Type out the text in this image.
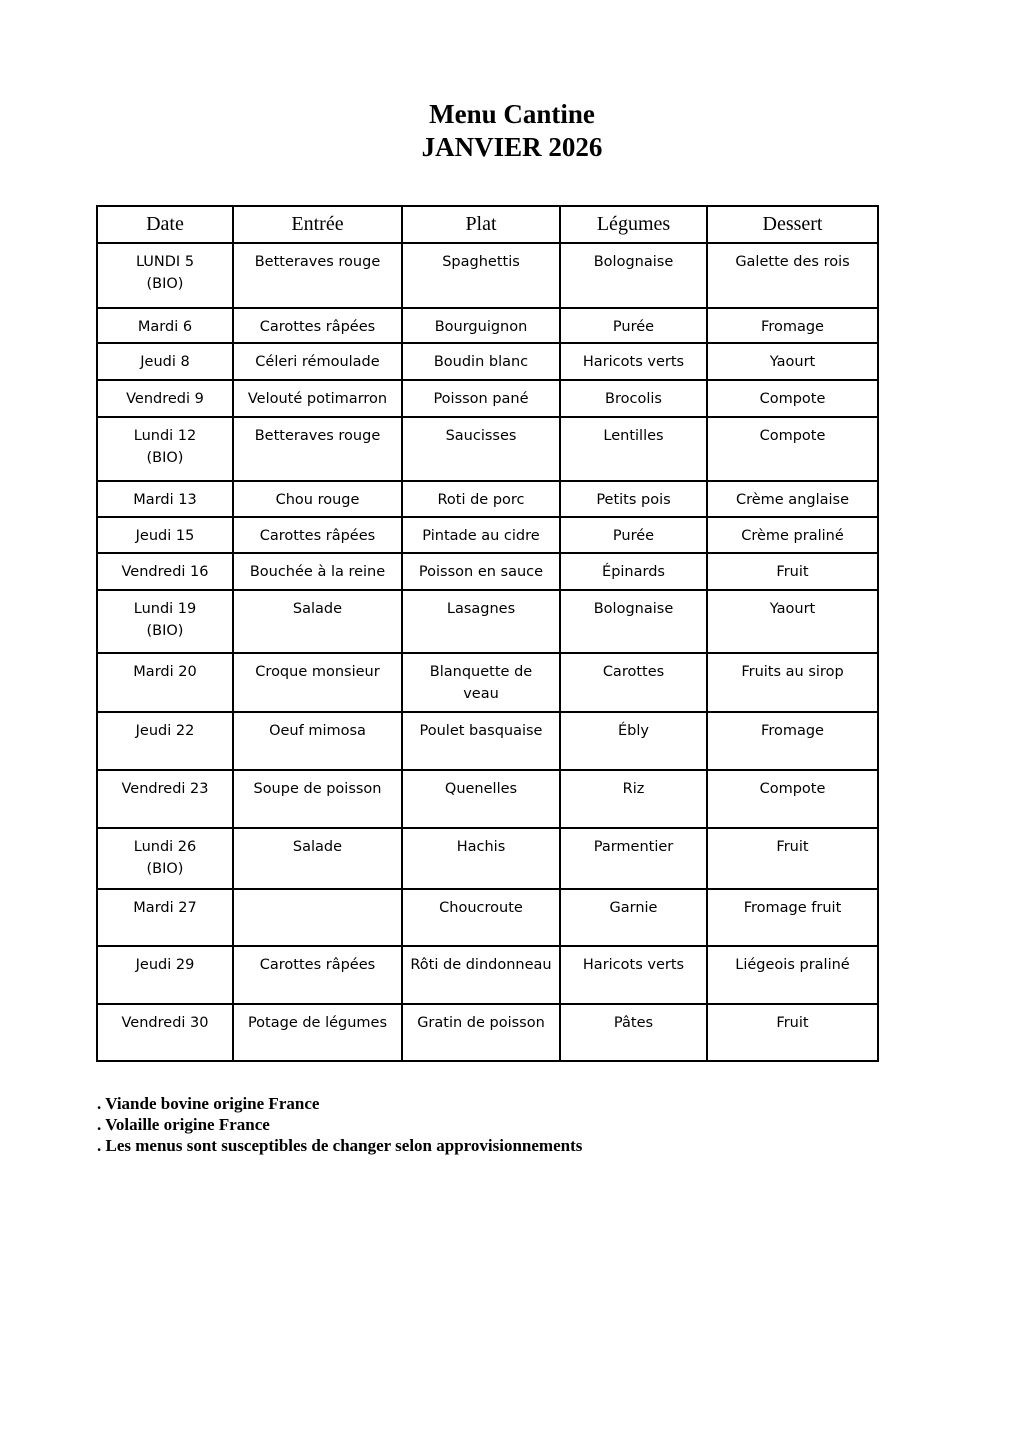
Menu Cantine
JANVIER 2026
Date	Entrée	Plat	Légumes	Dessert

LUNDI 5
(BIO)	Betteraves rouge	Spaghettis	Bolognaise	Galette des rois

Mardi 6	Carottes râpées	Bourguignon	Purée	Fromage

Jeudi 8	Céleri rémoulade	Boudin blanc	Haricots verts	Yaourt

Vendredi 9	Velouté potimarron	Poisson pané	Brocolis	Compote

Lundi 12
(BIO)	Betteraves rouge	Saucisses	Lentilles	Compote

Mardi 13	Chou rouge	Roti de porc	Petits pois	Crème anglaise

Jeudi 15	Carottes râpées	Pintade au cidre	Purée	Crème praliné

Vendredi 16	Bouchée à la reine	Poisson en sauce	Épinards	Fruit

Lundi 19
(BIO)	Salade	Lasagnes	Bolognaise	Yaourt

Mardi 20	Croque monsieur	Blanquette de veau	Carottes	Fruits au sirop

Jeudi 22	Oeuf mimosa	Poulet basquaise	Ébly	Fromage

Vendredi 23	Soupe de poisson	Quenelles	Riz	Compote

Lundi 26
(BIO)	Salade	Hachis	Parmentier	Fruit

Mardi 27		Choucroute	Garnie	Fromage fruit

Jeudi 29	Carottes râpées	Rôti de dindonneau	Haricots verts	Liégeois praliné

Vendredi 30	Potage de légumes	Gratin de poisson	Pâtes	Fruit
. Viande bovine origine France
. Volaille origine France
. Les menus sont susceptibles de changer selon approvisionnements
